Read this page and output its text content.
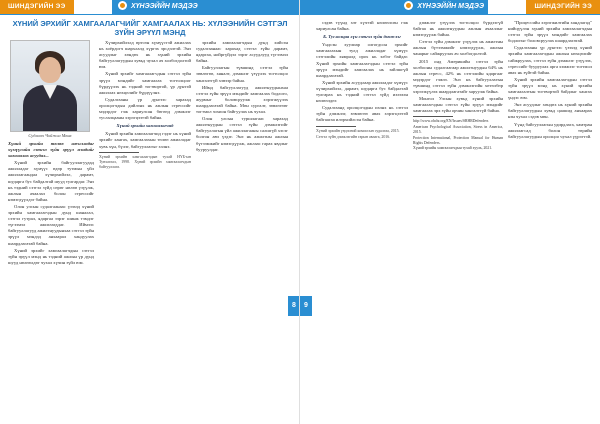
ШИНДЭГИЙН ЭЭ	ХҮНЭЭЙЙН МЭДЭЭ
ХҮНИЙ ЭРХИЙГ ХАМГААЛАГЧИЙГ ХАМГААЛАХ НЬ: ХҮЛЭЭНИЙН СЭТГЭЛ ЗҮЙН ЭРҮҮЛ МЭНД
Судлаач Чойжил Мөнх

Хүний эрхийн төлөө ажилладаг хүмүүсийн сэтгэл зүйн эрүүл мэндийг хамгаалах асуудал...

Хүний эрхийн байгууллагуудад ажилладаг хүмүүс өдөр тутмын үйл ажиллагаандаа хүчирхийлэл, дарамт, шударга бус байдалтай шууд тулгардаг. Энэ нь тэдний сэтгэл зүйд сөрөг нөлөө үзүүлж, ажлын ачаалал болон стрессийг нэмэгдүүлдэг байна.

Олон улсын судалгаанаас үзэхэд хүний эрхийн хамгаалагчдын дунд шаналал, сэтгэл гутрал, ядаргаа зэрэг шинж тэмдэг түгээмэл ажиглагддаг. Иймээс байгууллагууд ажилтнуудынхаа сэтгэл зүйн эрүүл мэндэд анхаарал хандуулах шаардлагатай байна.

Хүний эрхийг хамгаалагчдын сэтгэл зүйн эрүүл мэнд нь тэдний ажлын үр дүнд шууд нөлөөлдөг чухал хүчин зүйл юм.

Хүчирхийлэлд өртсөн хүмүүстэй ажиллах нь хоёрдогч шархлалд хүргэх эрсдэлтэй. Энэ асуудлыг хөндөх нь хүний эрхийн байгууллагуудын хувьд чухал ач холбогдолтой юм.

Хүний эрхийг хамгаалагчдын сэтгэл зүйн эрүүл мэндийг хамгаалах тогтолцоог бүрдүүлэх нь тэдний тогтвортой, үр дүнтэй ажиллах нөхцөлийг бүрдүүлнэ.

Судалгааны үр дүнгээс харахад оролцогчдын дийлэнх нь ажлын стрессийг мэдэрдэг гэж хариулсан бөгөөд дэмжлэг туслалцааны хэрэгцээтэй байна.

Хүний эрхийн хамгаалагчид

Хүний эрхийн хамгаалагчид гэдэг нь хүний эрхийг хангах, хамгаалахын төлөө ажилладаг хувь хүн, бүлэг, байгууллагыг хэлнэ.

Хүний эрхийн хамгаалагчдын тухай НҮБ-ын Тунхаглал, 1998. Хүний эрхийн хамгаалагчдын байгууллага.

эрхийн хамгаалагчдын дунд хийсэн судалгаанаас харахад сэтгэл зүйн дарамт, ядаргаа, нойргүйдэл зэрэг асуудлууд түгээмэл байна.

Байгууллагын түвшинд сэтгэл зүйн зөвлөгөө, хяналт, дэмжлэг үзүүлэх тогтолцоо хангалтгүй хэвээр байна.

Иймд байгууллагууд ажилтнуудынхаа сэтгэл зүйн эрүүл мэндийг хамгаалах бодлого, журмыг боловсруулж хэрэгжүүлэх шаардлагатай байна. Мөн сургалт, зөвлөгөөг тогтмол зохион байгуулах нь чухал.

Олон улсын туршлагаас харахад ажилтнуудын сэтгэл зүйн дэмжлэгийг байгууллагын үйл ажиллагааны салшгүй хэсэг болгон авч үздэг. Энэ нь ажилтны ажлын бүтээмжийг нэмэгдүүлж, ажлаас гарах явдлыг бууруулдаг.

8
ХҮНЭЭЙЙН МЭДЭЭ	ШИНДЭГИЙН ЭЭ
9

сэдэв түүнд хэт хүчтэй нөлөөлсөн гэж хариулсан байна.

Б. Туслалцаа хүн сэтгэл зүйн дэмжлэг

Үндсэн хуулиар олгогдсон эрхийг хамгаалахын тулд ажилладаг хүмүүс сэтгэлийн хямралд орох нь элбэг байдаг. Хүний эрхийн хамгаалагчдын сэтгэл зүйн эрүүл мэндийг хамгаалах нь зайлшгүй шаардлагатай.

Хүний эрхийн асуудлаар ажилладаг хүмүүс хүчирхийлэл, дарамт, шударга бус байдалтай тулгарах нь тэдний сэтгэл зүйд ихээхэн нөлөөлдөг.

Судалгаанд оролцогчдын ихэнх нь сэтгэл зүйн дэмжлэг, зөвлөгөө авах хэрэгцээтэй байгаагаа илэрхийлсэн байна.

Хүний эрхийн үндэсний комиссын судалгаа, 2015.

Сэтгэл зүйн дэмжлэгийн гарын авлага, 2016.

дэмжлэг үзүүлэх тогтолцоо бүрдээгүй байгаа нь ажилтнуудын ажлын ачааллыг нэмэгдүүлж байна.

Сэтгэл зүйн дэмжлэг үзүүлэх нь ажилтны ажлын бүтээмжийг нэмэгдүүлж, ажлын чанарыг сайжруулах ач холбогдолтой.

2015 онд Америкийн сэтгэл зүйн холбооны судалгаагаар ажилтнуудын 64% нь ажлын стресс, 42% нь сэтгэлийн ядаргааг мэдэрдэг гэжээ. Энэ нь байгууллагын түвшинд сэтгэл зүйн дэмжлэгийн хөтөлбөр хэрэгжүүлэх шаардлагатайг харуулж байна.

Монгол Улсын хувьд хүний эрхийн хамгаалагчдын сэтгэл зүйн эрүүл мэндийг хамгаалах эрх зүйн орчин хангалтгүй байна.

http://www.ohchr.org/EN/Issues/SRHRDefenders

American Psychological Association, Stress in America, 2015.

Protection International, Protection Manual for Human Rights Defenders.

Хүний эрхийн хамгаалагчдын тухай хууль, 2021.

"Процессийн хэрэгжилтийн хандлагад" нийцүүлэн хүний эрхийн хамгаалагчдын сэтгэл зүйн эрүүл мэндийг хамгаалах бодлогыг боловсруулах шаардлагатай.

Судалгааны үр дүнгээс үзэхэд хүний эрхийн хамгаалагчдын ажлын нөхцөлийг сайжруулах, сэтгэл зүйн дэмжлэг үзүүлэх, стрессийг бууруулах арга хэмжээг тогтмол авах нь зүйтэй байна.

Хүний эрхийн хамгаалагчдын сэтгэл зүйн эрүүл мэнд нь хүний эрхийн хамгаалалтын тогтвортой байдлыг хангах үндэс юм.

Энэ асуудлыг хөндөх нь хүний эрхийн байгууллагуудын хувьд цаашид анхаарах нэн чухал сэдэв мөн.

Үүнд байгууллагын удирдлага, хамтран ажиллагсад болон төрийн байгууллагуудын оролцоо чухал үүрэгтэй.
